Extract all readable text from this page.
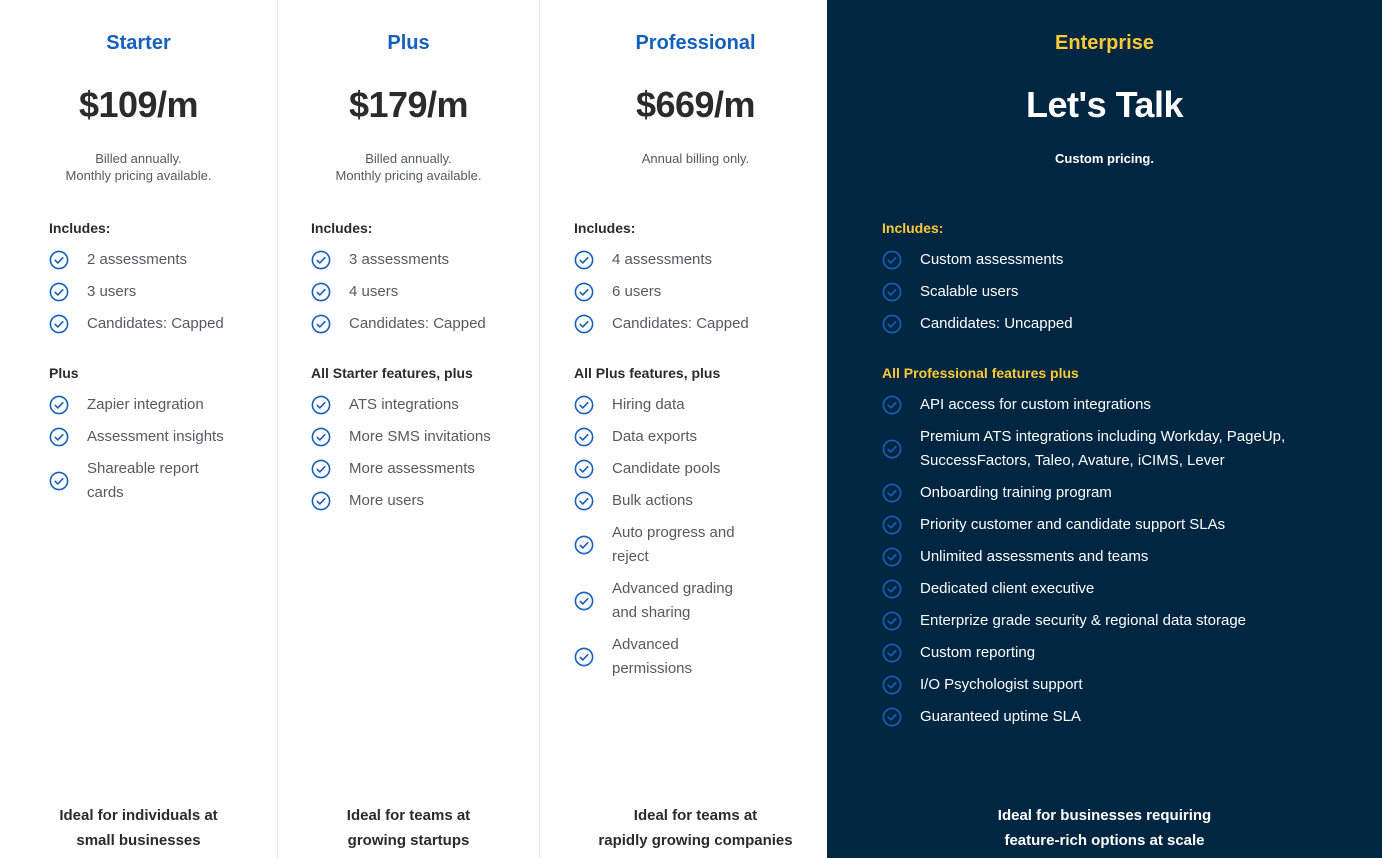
Starter
$109/m
Billed annually.
Monthly pricing available.
Includes:
2 assessments
3 users
Candidates: Capped
Plus
Zapier integration
Assessment insights
Shareable report cards
Ideal for individuals at
small businesses
Plus
$179/m
Billed annually.
Monthly pricing available.
Includes:
3 assessments
4 users
Candidates: Capped
All Starter features, plus
ATS integrations
More SMS invitations
More assessments
More users
Ideal for teams at
growing startups
Professional
$669/m
Annual billing only.
Includes:
4 assessments
6 users
Candidates: Capped
All Plus features, plus
Hiring data
Data exports
Candidate pools
Bulk actions
Auto progress and reject
Advanced grading and sharing
Advanced permissions
Ideal for teams at
rapidly growing companies
Enterprise
Let's Talk
Custom pricing.
Includes:
Custom assessments
Scalable users
Candidates: Uncapped
All Professional features plus
API access for custom integrations
Premium ATS integrations including Workday, PageUp, SuccessFactors, Taleo, Avature, iCIMS, Lever
Onboarding training program
Priority customer and candidate support SLAs
Unlimited assessments and teams
Dedicated client executive
Enterprize grade security & regional data storage
Custom reporting
I/O Psychologist support
Guaranteed uptime SLA
Ideal for businesses requiring
feature-rich options at scale
